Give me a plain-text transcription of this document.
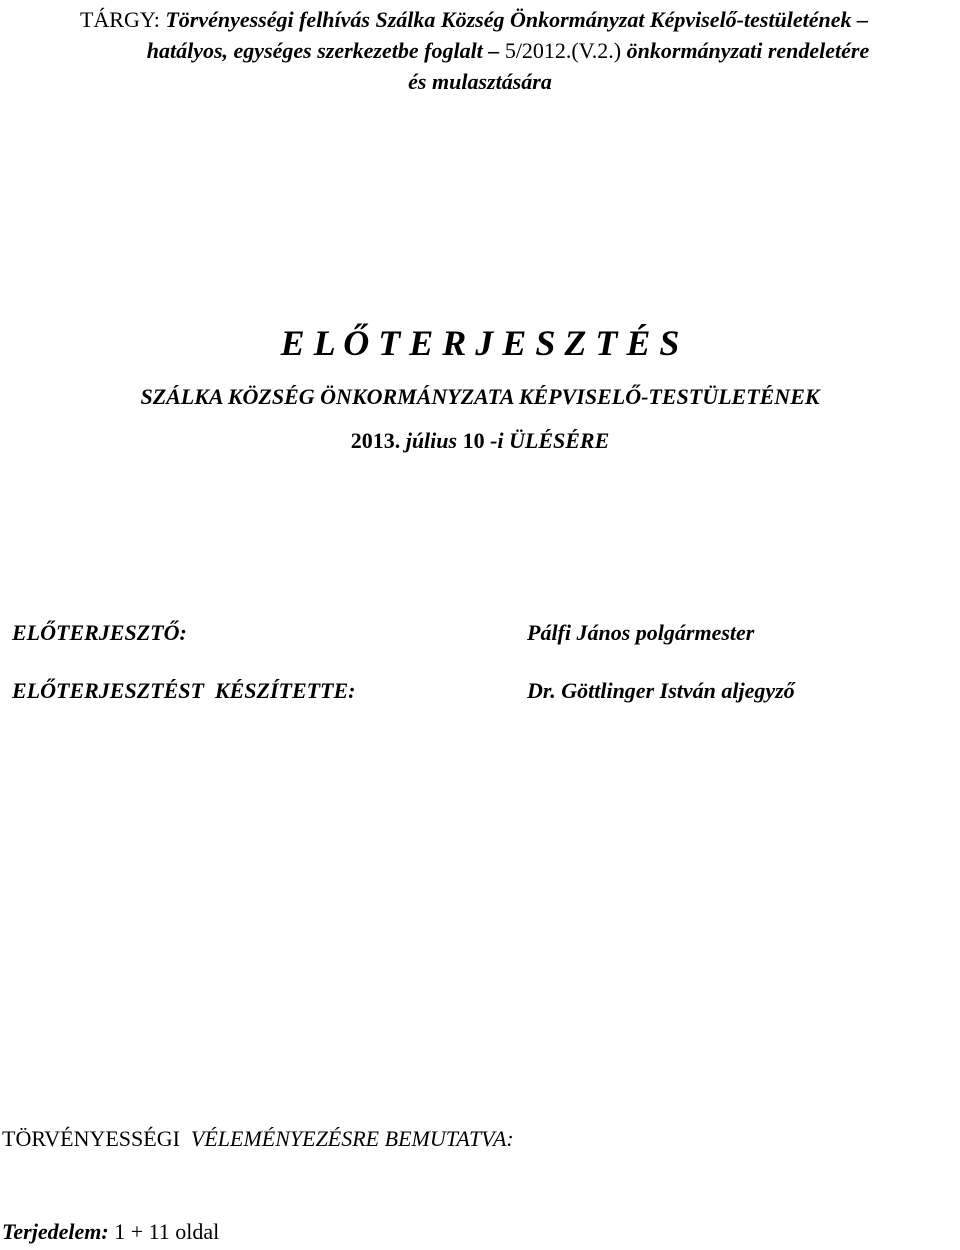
TÁRGY: Törvényességi felhívás Szálka Község Önkormányzat Képviselő-testületének –
hatályos, egységes szerkezetbe foglalt – 5/2012.(V.2.) önkormányzati rendeletére
és mulasztására
E L Ő T E R J E S Z T É S
SZÁLKA KÖZSÉG ÖNKORMÁNYZATA KÉPVISELŐ-TESTÜLETÉNEK
2013. július 10 -i ÜLÉSÉRE
ELŐTERJESZTŐ:	Pálfi János polgármester
ELŐTERJESZTÉST  KÉSZÍTETTE:	Dr. Göttlinger István aljegyző
TÖRVÉNYESSÉGI  VÉLEMÉNYEZÉSRE BEMUTATVA:
Terjedelem: 1 + 11 oldal
